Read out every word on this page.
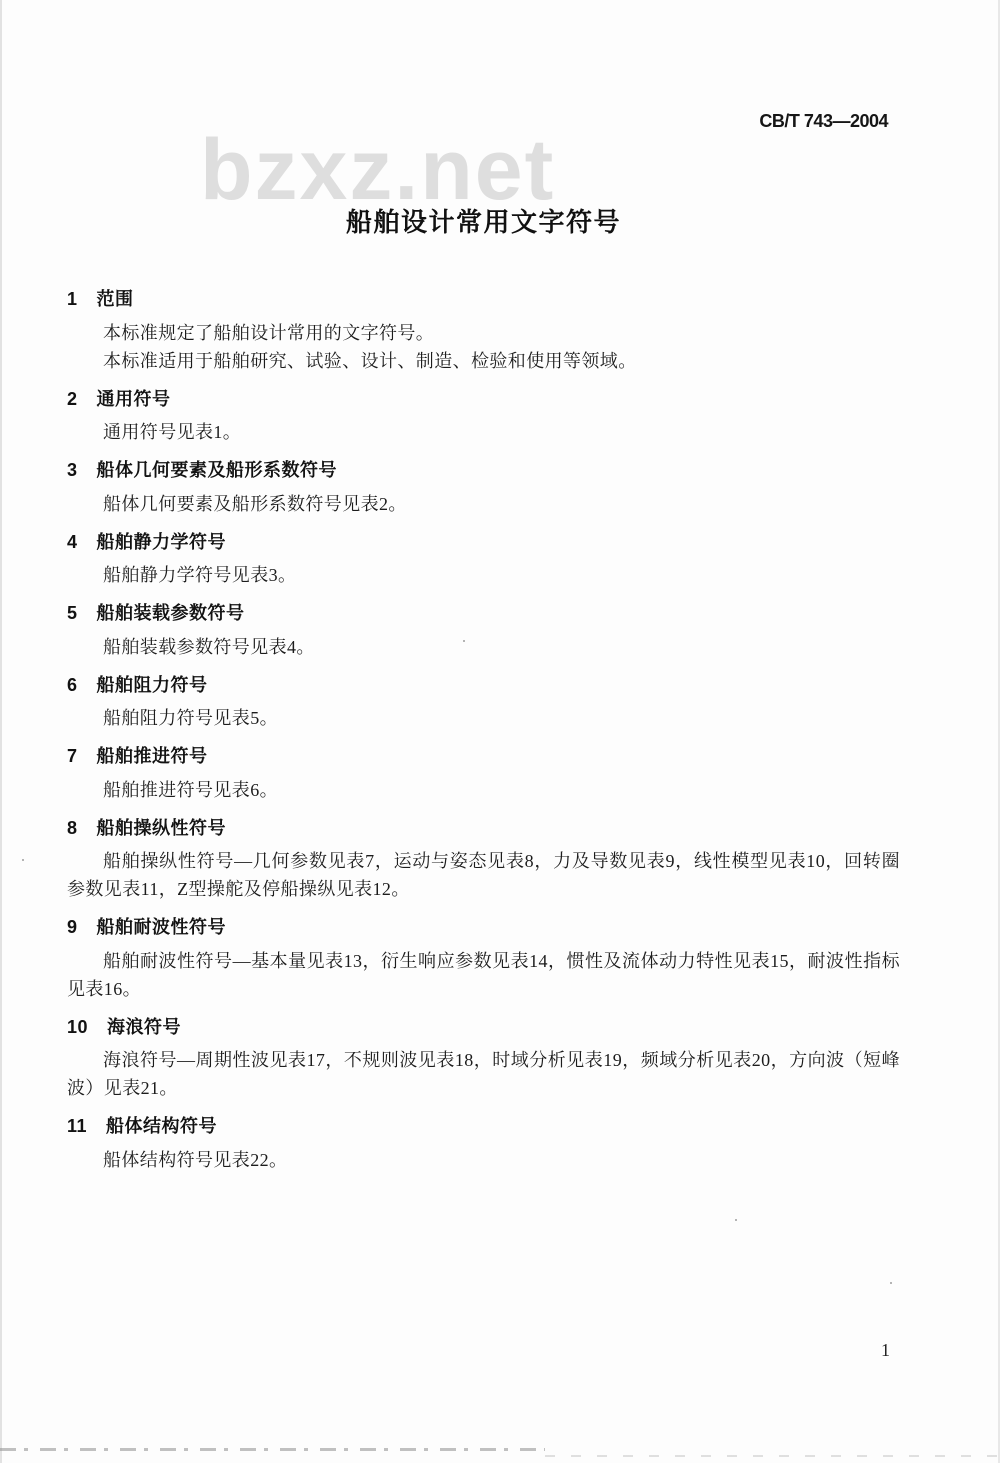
CB/T 743—2004
bzxz.net
船舶设计常用文字符号
1 范围
本标准规定了船舶设计常用的文字符号。
本标准适用于船舶研究、试验、设计、制造、检验和使用等领域。
2 通用符号
通用符号见表1。
3 船体几何要素及船形系数符号
船体几何要素及船形系数符号见表2。
4 船舶静力学符号
船舶静力学符号见表3。
5 船舶装载参数符号
船舶装载参数符号见表4。
6 船舶阻力符号
船舶阻力符号见表5。
7 船舶推进符号
船舶推进符号见表6。
8 船舶操纵性符号
船舶操纵性符号—几何参数见表7，运动与姿态见表8，力及导数见表9，线性模型见表10，回转圈
参数见表11，Z型操舵及停船操纵见表12。
9 船舶耐波性符号
船舶耐波性符号—基本量见表13，衍生响应参数见表14，惯性及流体动力特性见表15，耐波性指标
见表16。
10 海浪符号
海浪符号—周期性波见表17，不规则波见表18，时域分析见表19，频域分析见表20，方向波（短峰
波）见表21。
11 船体结构符号
船体结构符号见表22。
1
